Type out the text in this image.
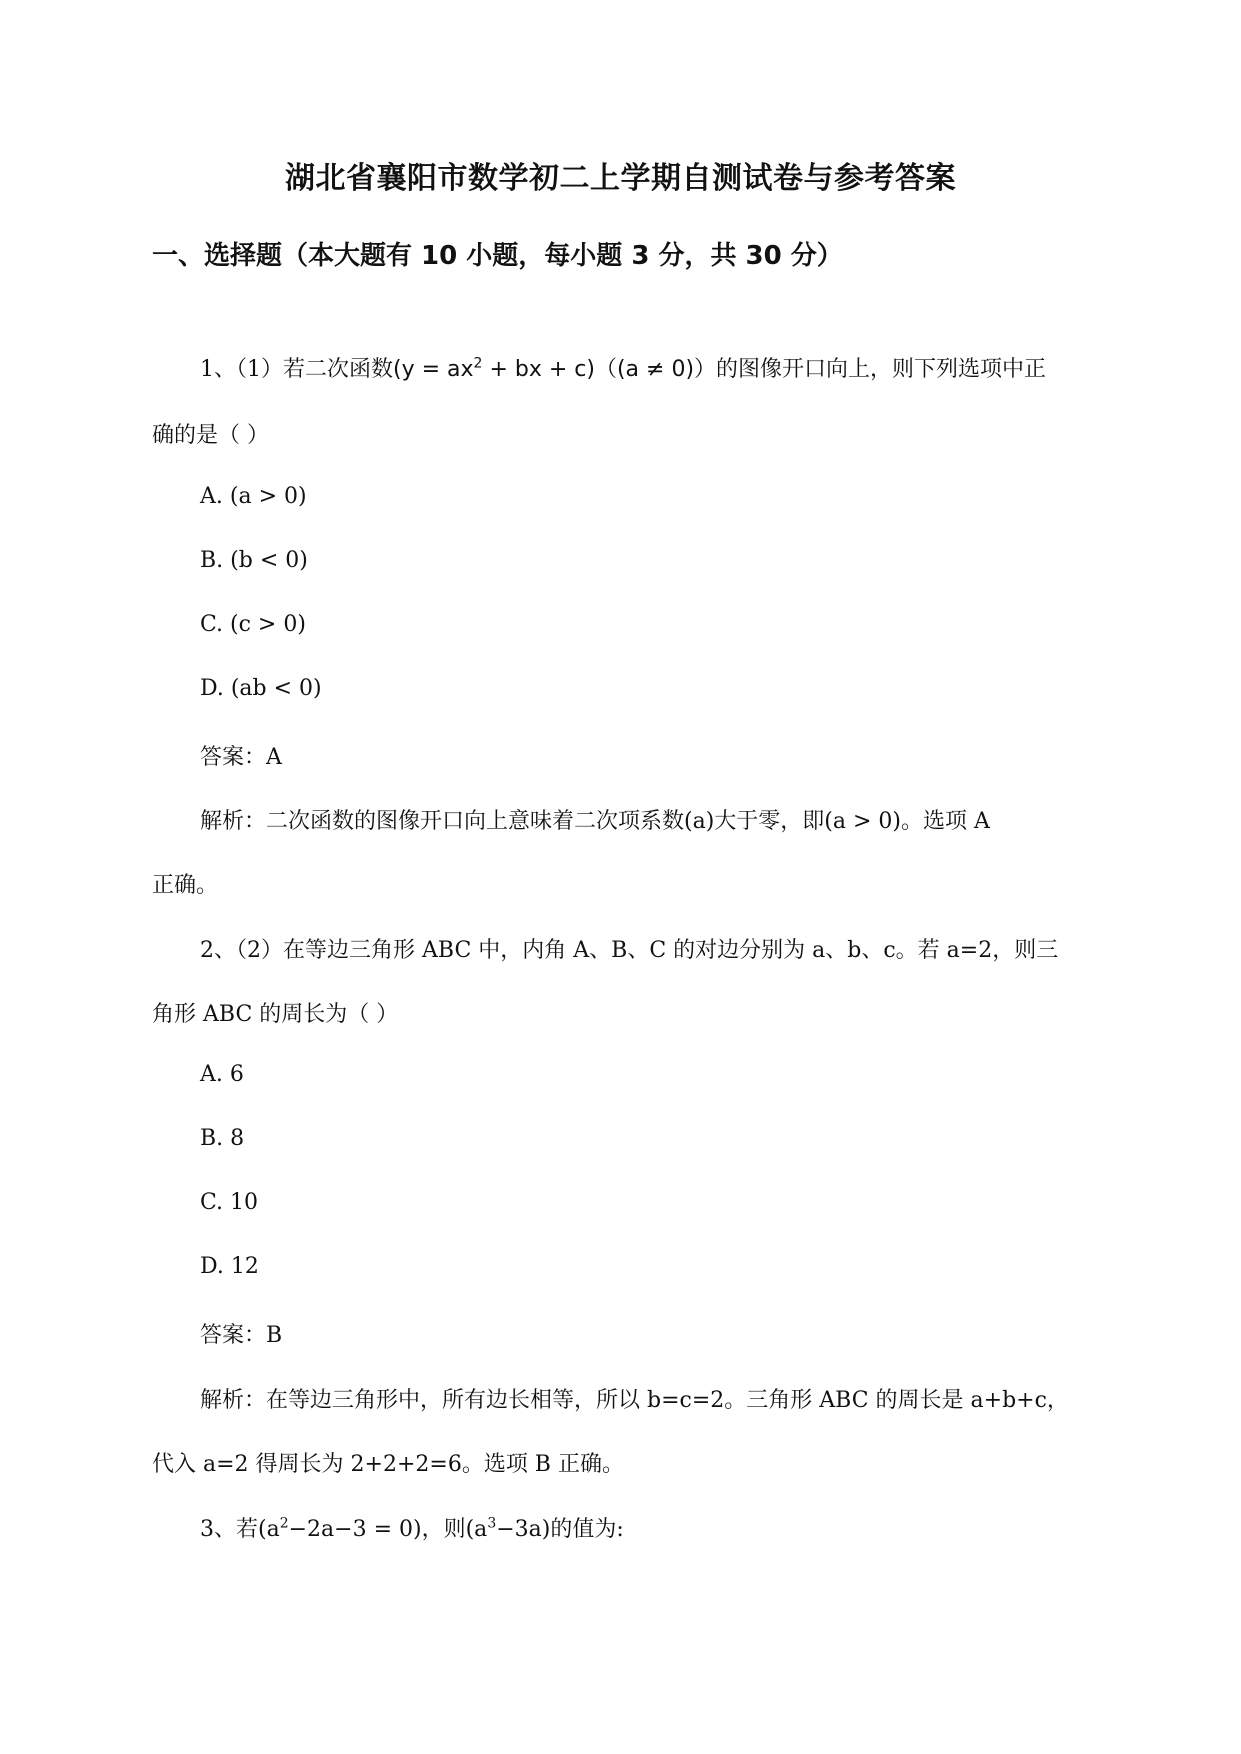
湖北省襄阳市数学初二上学期自测试卷与参考答案
一、选择题（本大题有 10 小题，每小题 3 分，共 30 分）
1、（1）若二次函数($y = ax^2$ + bx + c)（(a ≠ 0)）的图像开口向上，则下列选项中正
确的是（ ）
A. (a > 0)
B. (b < 0)
C. (c > 0)
D. (ab < 0)
答案：A
解析：二次函数的图像开口向上意味着二次项系数(a)大于零，即(a > 0)。选项 A
正确。
2、（2）在等边三角形 ABC 中，内角 A、B、C 的对边分别为 a、b、c。若 a=2，则三
角形 ABC 的周长为（ ）
A. 6
B. 8
C. 10
D. 12
答案：B
解析：在等边三角形中，所有边长相等，所以 b=c=2。三角形 ABC 的周长是 a+b+c，
代入 a=2 得周长为 2+2+2=6。选项 B 正确。
3、若$(a^2-2a-3 = 0)$，则$(a^3-3a)$的值为:
